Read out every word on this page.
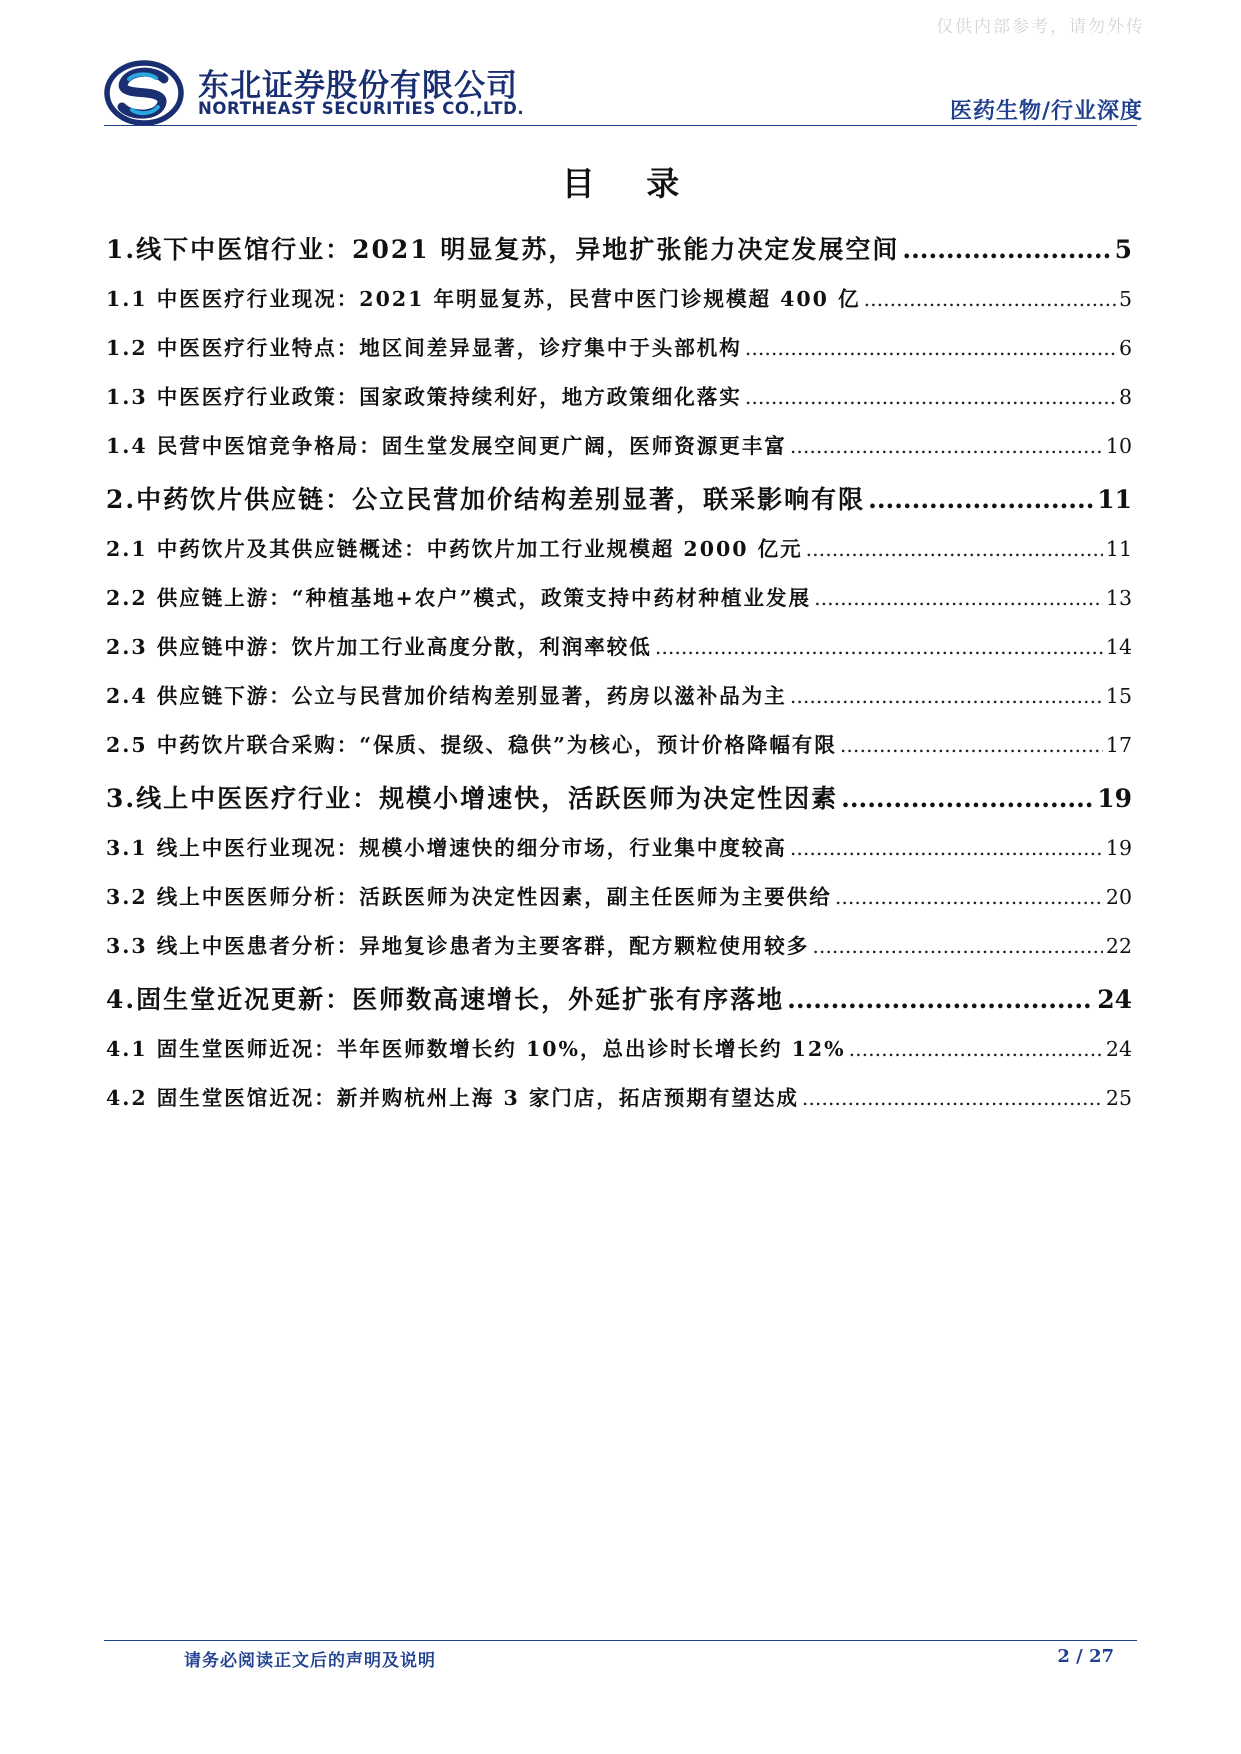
仅供内部参考，请勿外传
东北证券股份有限公司
NORTHEAST SECURITIES CO.,LTD.	医药生物/行业深度
目 录
1.线下中医馆行业：2021 明显复苏，异地扩张能力决定发展空间 .....	5
1.1 中医医疗行业现况：2021 年明显复苏，民营中医门诊规模超 400 亿 .....	5
1.2 中医医疗行业特点：地区间差异显著，诊疗集中于头部机构 .....	6
1.3 中医医疗行业政策：国家政策持续利好，地方政策细化落实 .....	8
1.4 民营中医馆竞争格局：固生堂发展空间更广阔，医师资源更丰富 .....	10
2.中药饮片供应链：公立民营加价结构差别显著，联采影响有限 .....	11
2.1 中药饮片及其供应链概述：中药饮片加工行业规模超 2000 亿元 .....	11
2.2 供应链上游：“种植基地+农户”模式，政策支持中药材种植业发展 .....	13
2.3 供应链中游：饮片加工行业高度分散，利润率较低 .....	14
2.4 供应链下游：公立与民营加价结构差别显著，药房以滋补品为主 .....	15
2.5 中药饮片联合采购：“保质、提级、稳供”为核心，预计价格降幅有限 .....	17
3.线上中医医疗行业：规模小增速快，活跃医师为决定性因素 .....	19
3.1 线上中医行业现况：规模小增速快的细分市场，行业集中度较高 .....	19
3.2 线上中医医师分析：活跃医师为决定性因素，副主任医师为主要供给 .....	20
3.3 线上中医患者分析：异地复诊患者为主要客群，配方颗粒使用较多 .....	22
4.固生堂近况更新：医师数高速增长，外延扩张有序落地 .....	24
4.1 固生堂医师近况：半年医师数增长约 10%，总出诊时长增长约 12% .....	24
4.2 固生堂医馆近况：新并购杭州上海 3 家门店，拓店预期有望达成 .....	25
请务必阅读正文后的声明及说明	2 / 27
